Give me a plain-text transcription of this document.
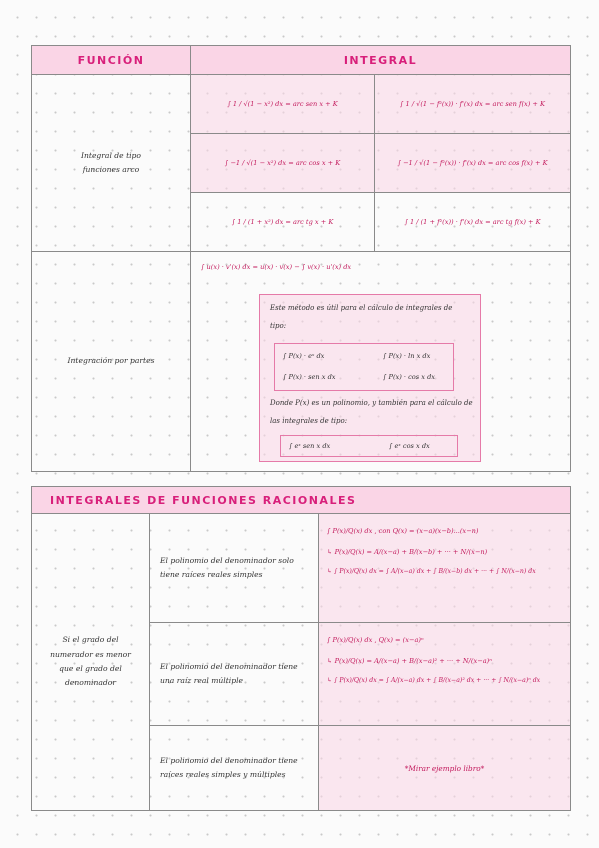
FUNCIÓN	INTEGRAL
Integral de tipo funciones arco
∫ 1 / √(1 − x²) dx = arc sen x + K	∫ 1 / √(1 − f²(x)) · f'(x) dx = arc sen f(x) + K
∫ −1 / √(1 − x²) dx = arc cos x + K	∫ −1 / √(1 − f²(x)) · f'(x) dx = arc cos f(x) + K
∫ 1 / (1 + x²) dx = arc tg x + K	∫ 1 / (1 + f²(x)) · f'(x) dx = arc tg f(x) + K
Integración por partes
∫ u(x) · v'(x) dx = u(x) · v(x) − ∫ v(x) · u'(x) dx
Este método es útil para el cálculo de integrales de tipo:
∫ P(x) · eˣ dx	∫ P(x) · ln x dx
∫ P(x) · sen x dx	∫ P(x) · cos x dx
Donde P(x) es un polinomio, y también para el cálculo de las integrales de tipo:
∫ eˣ sen x dx	∫ eˣ cos x dx
INTEGRALES DE FUNCIONES RACIONALES
Si el grado del numerador es menor que el grado del denominador
El polinomio del denominador solo tiene raíces reales simples
∫ P(x)/Q(x) dx , con Q(x) = (x−a)(x−b)...(x−n)
↳ P(x)/Q(x) = A/(x−a) + B/(x−b) + ··· + N/(x−n)
↳ ∫ P(x)/Q(x) dx = ∫ A/(x−a) dx + ∫ B/(x−b) dx + ··· + ∫ N/(x−n) dx
El polinomio del denominador tiene una raíz real múltiple
∫ P(x)/Q(x) dx , Q(x) = (x−a)ⁿ
↳ P(x)/Q(x) = A/(x−a) + B/(x−a)² + ··· + N/(x−a)ⁿ
↳ ∫ P(x)/Q(x) dx = ∫ A/(x−a) dx + ∫ B/(x−a)² dx + ··· + ∫ N/(x−a)ⁿ dx
El polinomio del denominador tiene raíces reales simples y múltiples
*Mirar ejemplo libro*
